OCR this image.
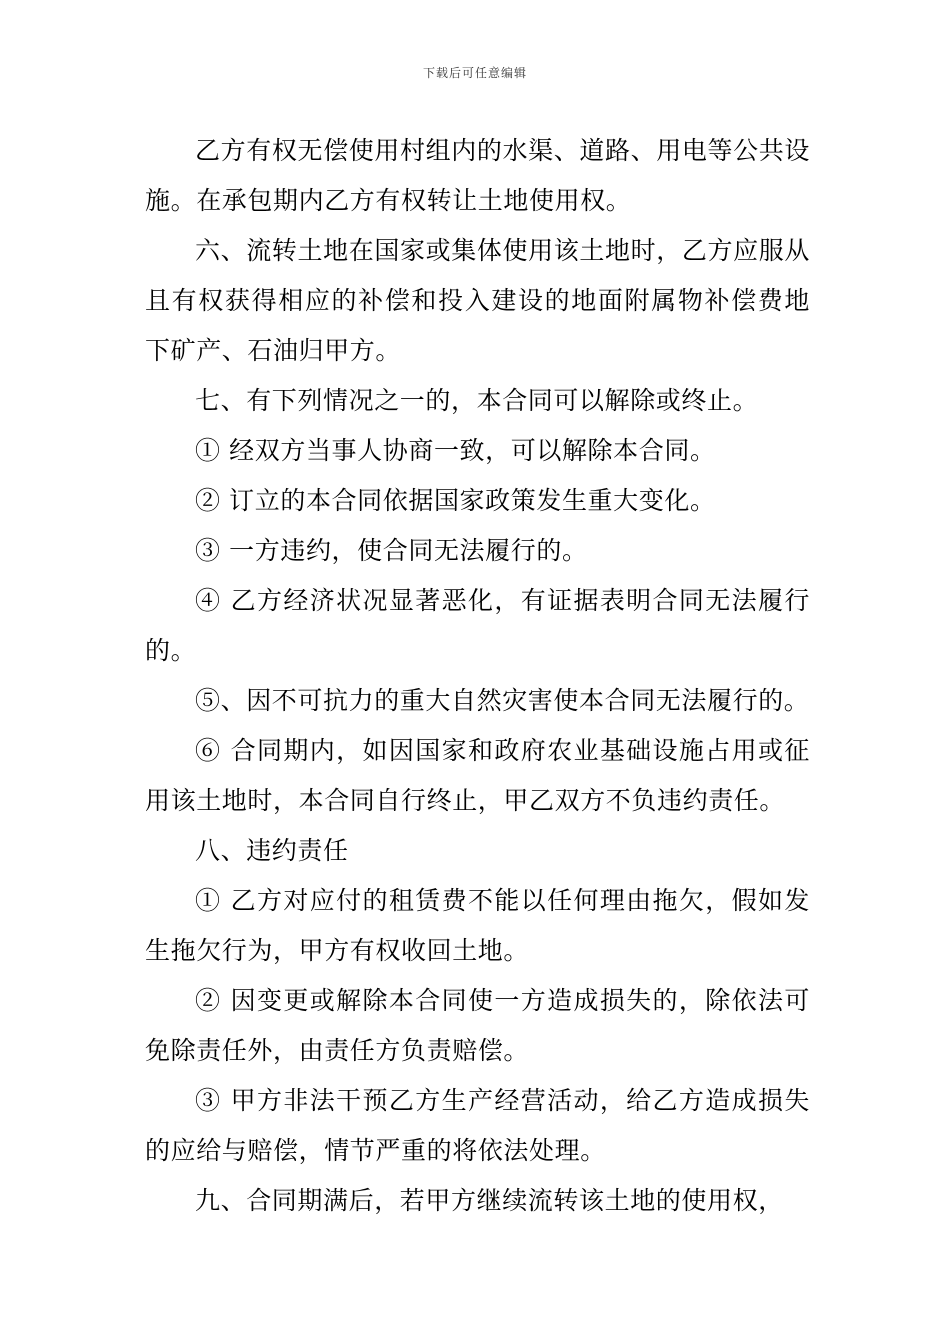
下载后可任意编辑

乙方有权无偿使用村组内的水渠、道路、用电等公共设施。在承包期内乙方有权转让土地使用权。

六、流转土地在国家或集体使用该土地时，乙方应服从且有权获得相应的补偿和投入建设的地面附属物补偿费地下矿产、石油归甲方。

七、有下列情况之一的，本合同可以解除或终止。

① 经双方当事人协商一致，可以解除本合同。

② 订立的本合同依据国家政策发生重大变化。

③ 一方违约，使合同无法履行的。

④ 乙方经济状况显著恶化，有证据表明合同无法履行的。

⑤、因不可抗力的重大自然灾害使本合同无法履行的。

⑥ 合同期内，如因国家和政府农业基础设施占用或征用该土地时，本合同自行终止，甲乙双方不负违约责任。

八、违约责任

① 乙方对应付的租赁费不能以任何理由拖欠，假如发生拖欠行为，甲方有权收回土地。

② 因变更或解除本合同使一方造成损失的，除依法可免除责任外，由责任方负责赔偿。

③ 甲方非法干预乙方生产经营活动，给乙方造成损失的应给与赔偿，情节严重的将依法处理。

九、合同期满后，若甲方继续流转该土地的使用权，
